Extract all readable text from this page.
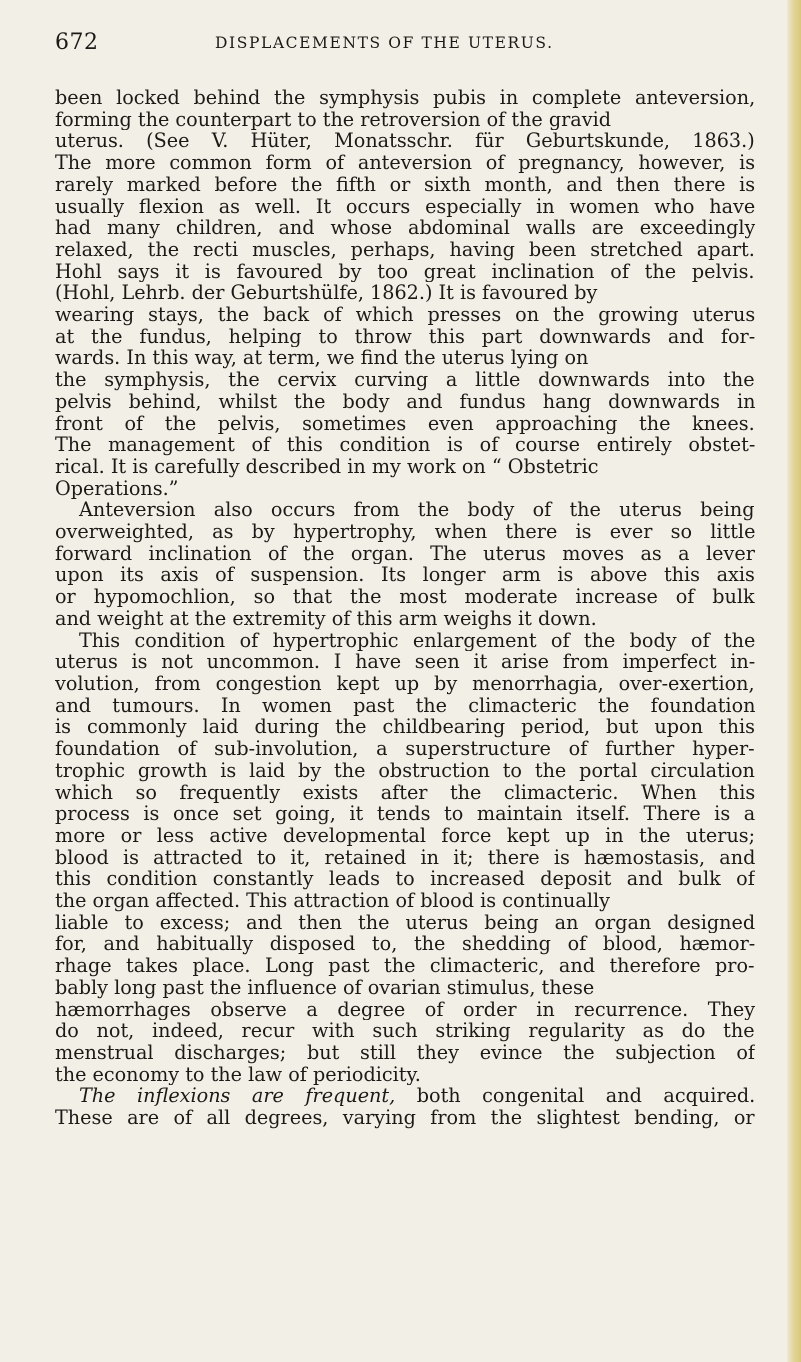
672	DISPLACEMENTS OF THE UTERUS.
been locked behind the symphysis pubis in complete anteversion,
forming the counterpart to the retroversion of the gravid
uterus. (See V. Hüter, Monatsschr. für Geburtskunde, 1863.)
The more common form of anteversion of pregnancy, however, is
rarely marked before the fifth or sixth month, and then there is
usually flexion as well. It occurs especially in women who have
had many children, and whose abdominal walls are exceedingly
relaxed, the recti muscles, perhaps, having been stretched apart.
Hohl says it is favoured by too great inclination of the pelvis.
(Hohl, Lehrb. der Geburtshülfe, 1862.) It is favoured by
wearing stays, the back of which presses on the growing uterus
at the fundus, helping to throw this part downwards and for-
wards. In this way, at term, we find the uterus lying on
the symphysis, the cervix curving a little downwards into the
pelvis behind, whilst the body and fundus hang downwards in
front of the pelvis, sometimes even approaching the knees.
The management of this condition is of course entirely obstet-
rical. It is carefully described in my work on “ Obstetric
Operations.”
Anteversion also occurs from the body of the uterus being
overweighted, as by hypertrophy, when there is ever so little
forward inclination of the organ. The uterus moves as a lever
upon its axis of suspension. Its longer arm is above this axis
or hypomochlion, so that the most moderate increase of bulk
and weight at the extremity of this arm weighs it down.
This condition of hypertrophic enlargement of the body of the
uterus is not uncommon. I have seen it arise from imperfect in-
volution, from congestion kept up by menorrhagia, over-exertion,
and tumours. In women past the climacteric the foundation
is commonly laid during the childbearing period, but upon this
foundation of sub-involution, a superstructure of further hyper-
trophic growth is laid by the obstruction to the portal circulation
which so frequently exists after the climacteric. When this
process is once set going, it tends to maintain itself. There is a
more or less active developmental force kept up in the uterus;
blood is attracted to it, retained in it; there is hæmostasis, and
this condition constantly leads to increased deposit and bulk of
the organ affected. This attraction of blood is continually
liable to excess; and then the uterus being an organ designed
for, and habitually disposed to, the shedding of blood, hæmor-
rhage takes place. Long past the climacteric, and therefore pro-
bably long past the influence of ovarian stimulus, these
hæmorrhages observe a degree of order in recurrence. They
do not, indeed, recur with such striking regularity as do the
menstrual discharges; but still they evince the subjection of
the economy to the law of periodicity.
The inflexions are frequent, both congenital and acquired.
These are of all degrees, varying from the slightest bending, or
